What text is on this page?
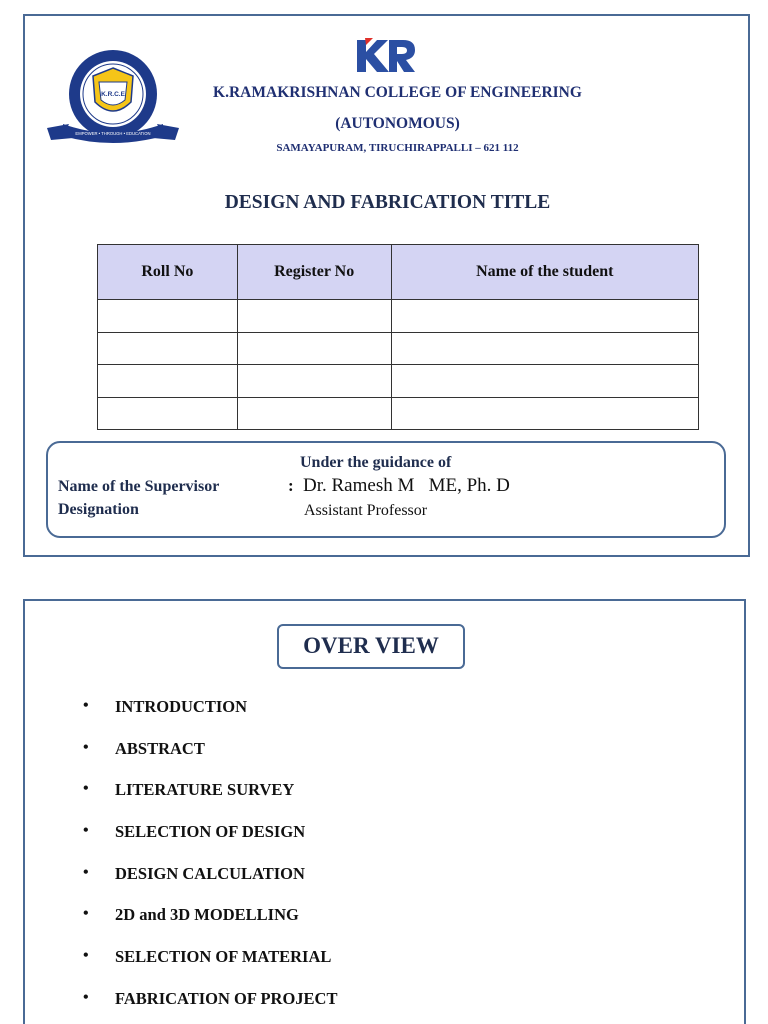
K.R.C.E
EMPOWER • THROUGH • EDUCATION
K.RAMAKRISHNAN COLLEGE OF ENGINEERING
(AUTONOMOUS)
SAMAYAPURAM, TIRUCHIRAPPALLI – 621 112
DESIGN AND FABRICATION TITLE
Roll No	Register No	Name of the student

Under the guidance of
Name of the Supervisor	: Dr. Ramesh M   ME, Ph. D
Designation	Assistant Professor
OVER VIEW
•	INTRODUCTION
•	ABSTRACT
•	LITERATURE SURVEY
•	SELECTION OF DESIGN
•	DESIGN CALCULATION
•	2D and 3D MODELLING
•	SELECTION OF MATERIAL
•	FABRICATION OF PROJECT
